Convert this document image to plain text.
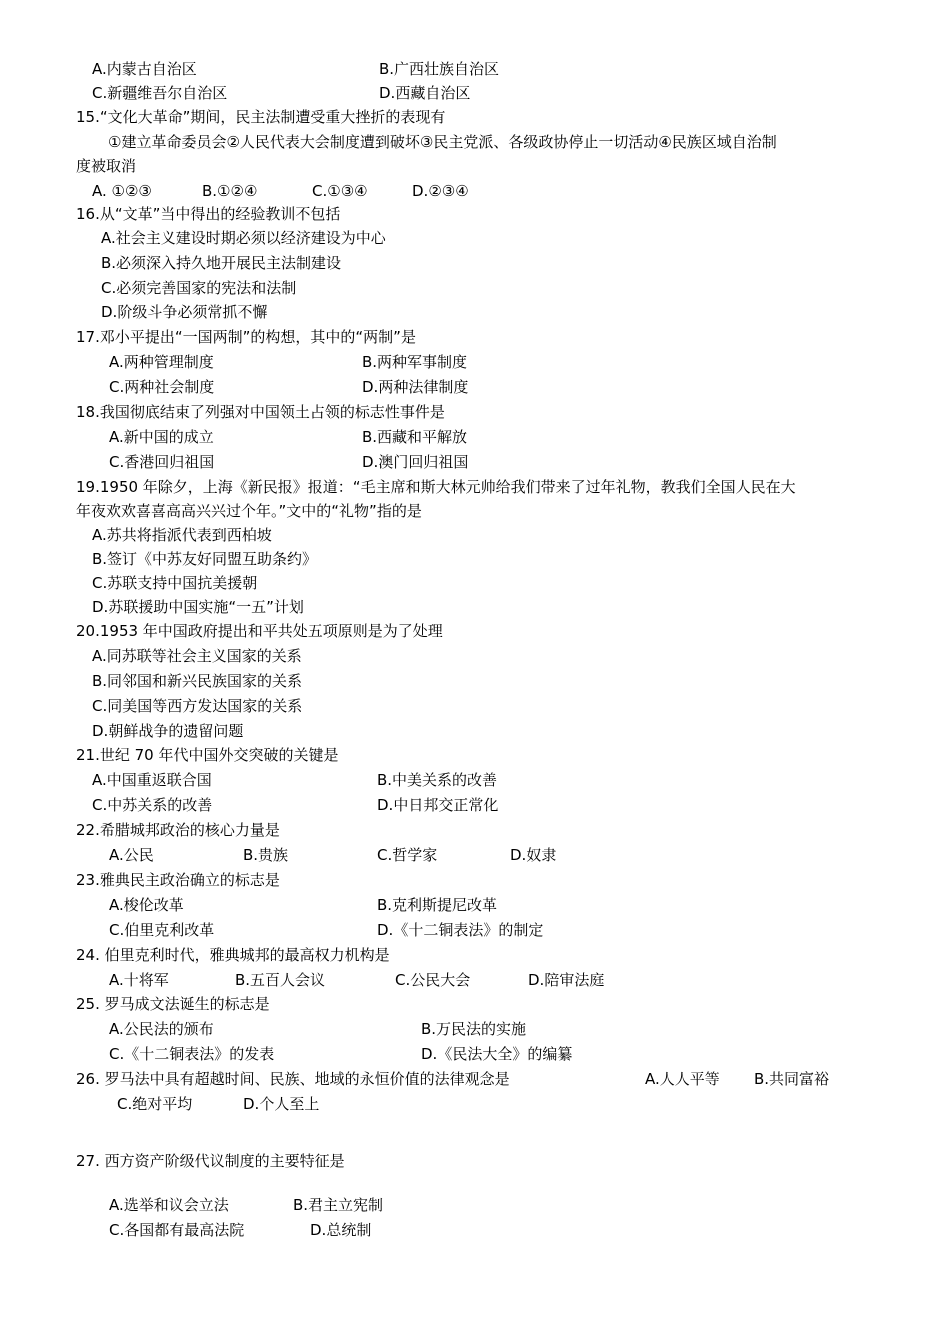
A.内蒙古自治区	B.广西壮族自治区
C.新疆维吾尔自治区	D.西藏自治区
15.“文化大革命”期间，民主法制遭受重大挫折的表现有
①建立革命委员会②人民代表大会制度遭到破坏③民主党派、各级政协停止一切活动④民族区域自治制
度被取消
A. ①②③	B.①②④	C.①③④	D.②③④
16.从“文革”当中得出的经验教训不包括
A.社会主义建设时期必须以经济建设为中心
B.必须深入持久地开展民主法制建设
C.必须完善国家的宪法和法制
D.阶级斗争必须常抓不懈
17.邓小平提出“一国两制”的构想，其中的“两制”是
A.两种管理制度	B.两种军事制度
C.两种社会制度	D.两种法律制度
18.我国彻底结束了列强对中国领土占领的标志性事件是
A.新中国的成立	B.西藏和平解放
C.香港回归祖国	D.澳门回归祖国
19.1950 年除夕，上海《新民报》报道：“毛主席和斯大林元帅给我们带来了过年礼物，教我们全国人民在大
年夜欢欢喜喜高高兴兴过个年。”文中的“礼物”指的是
A.苏共将指派代表到西柏坡
B.签订《中苏友好同盟互助条约》
C.苏联支持中国抗美援朝
D.苏联援助中国实施“一五”计划
20.1953 年中国政府提出和平共处五项原则是为了处理
A.同苏联等社会主义国家的关系
B.同邻国和新兴民族国家的关系
C.同美国等西方发达国家的关系
D.朝鲜战争的遗留问题
21.世纪 70 年代中国外交突破的关键是
A.中国重返联合国	B.中美关系的改善
C.中苏关系的改善	D.中日邦交正常化
22.希腊城邦政治的核心力量是
A.公民	B.贵族	C.哲学家	D.奴隶
23.雅典民主政治确立的标志是
A.梭伦改革	B.克利斯提尼改革
C.伯里克利改革	D.《十二铜表法》的制定
24. 伯里克利时代，雅典城邦的最高权力机构是
A.十将军	B.五百人会议	C.公民大会	D.陪审法庭
25. 罗马成文法诞生的标志是
A.公民法的颁布	B.万民法的实施
C.《十二铜表法》的发表	D.《民法大全》的编纂
26. 罗马法中具有超越时间、民族、地域的永恒价值的法律观念是	A.人人平等 B.共同富裕
C.绝对平均	D.个人至上
27. 西方资产阶级代议制度的主要特征是
A.选举和议会立法	B.君主立宪制
C.各国都有最高法院	D.总统制
